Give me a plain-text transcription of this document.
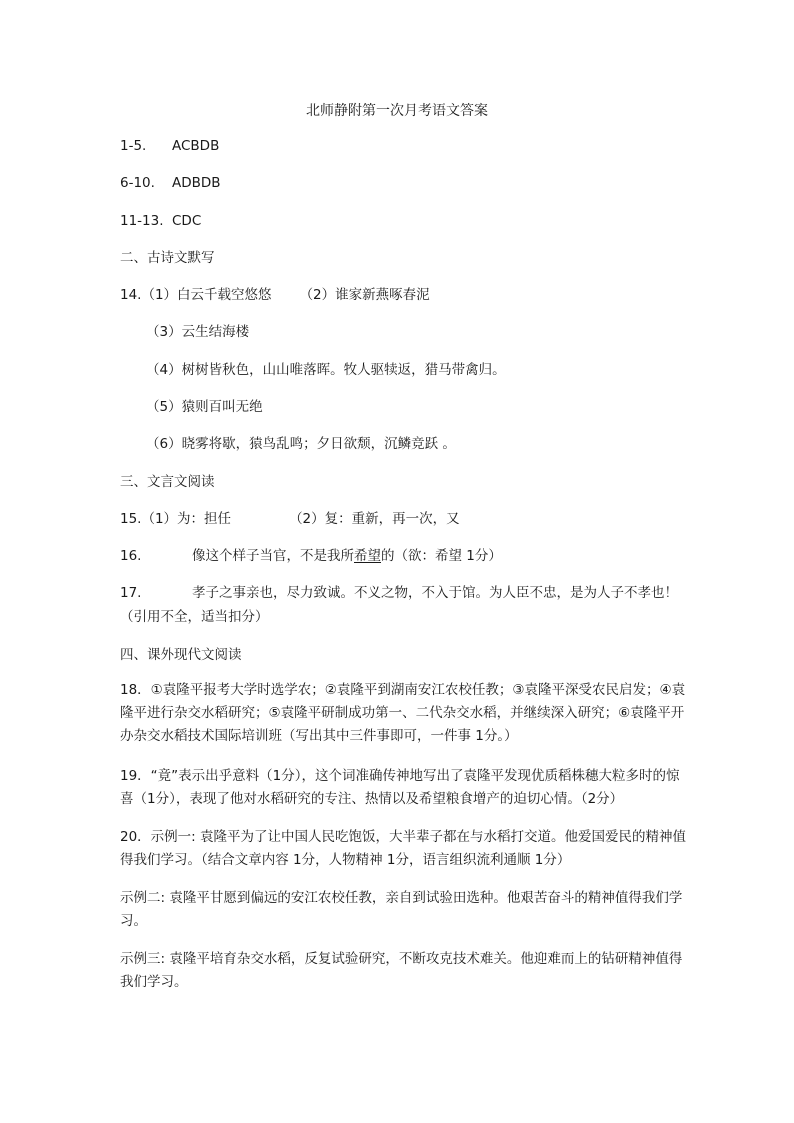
北师静附第一次月考语文答案
1-5. ACBDB
6-10. ADBDB
11-13. CDC
二、古诗文默写
14.（1）白云千载空悠悠 （2）谁家新燕啄春泥
（3）云生结海楼
（4）树树皆秋色，山山唯落晖。牧人驱犊返，猎马带禽归。
（5）猿则百叫无绝
（6）晓雾将歇，猿鸟乱鸣；夕日欲颓，沉鳞竞跃 。
三、文言文阅读
15.（1）为：担任	（2）复：重新，再一次，又
16.	像这个样子当官，不是我所希望的（欲：希望 1分）
17.	孝子之事亲也，尽力致诚。不义之物，不入于馆。为人臣不忠，是为人子不孝也！
（引用不全，适当扣分）
四、课外现代文阅读
18．①袁隆平报考大学时选学农；②袁隆平到湖南安江农校任教；③袁隆平深受农民启发；④袁隆平进行杂交水稻研究；⑤袁隆平研制成功第一、二代杂交水稻，并继续深入研究；⑥袁隆平开办杂交水稻技术国际培训班（写出其中三件事即可，一件事 1分。）
19．“竟”表示出乎意料（1分），这个词准确传神地写出了袁隆平发现优质稻株穗大粒多时的惊喜（1分），表现了他对水稻研究的专注、热情以及希望粮食增产的迫切心情。（2分）
20．示例一: 袁隆平为了让中国人民吃饱饭，大半辈子都在与水稻打交道。他爱国爱民的精神值得我们学习。（结合文章内容 1分，人物精神 1分，语言组织流利通顺 1分）
示例二: 袁隆平甘愿到偏远的安江农校任教，亲自到试验田选种。他艰苦奋斗的精神值得我们学习。
示例三: 袁隆平培育杂交水稻，反复试验研究，不断攻克技术难关。他迎难而上的钻研精神值得我们学习。
